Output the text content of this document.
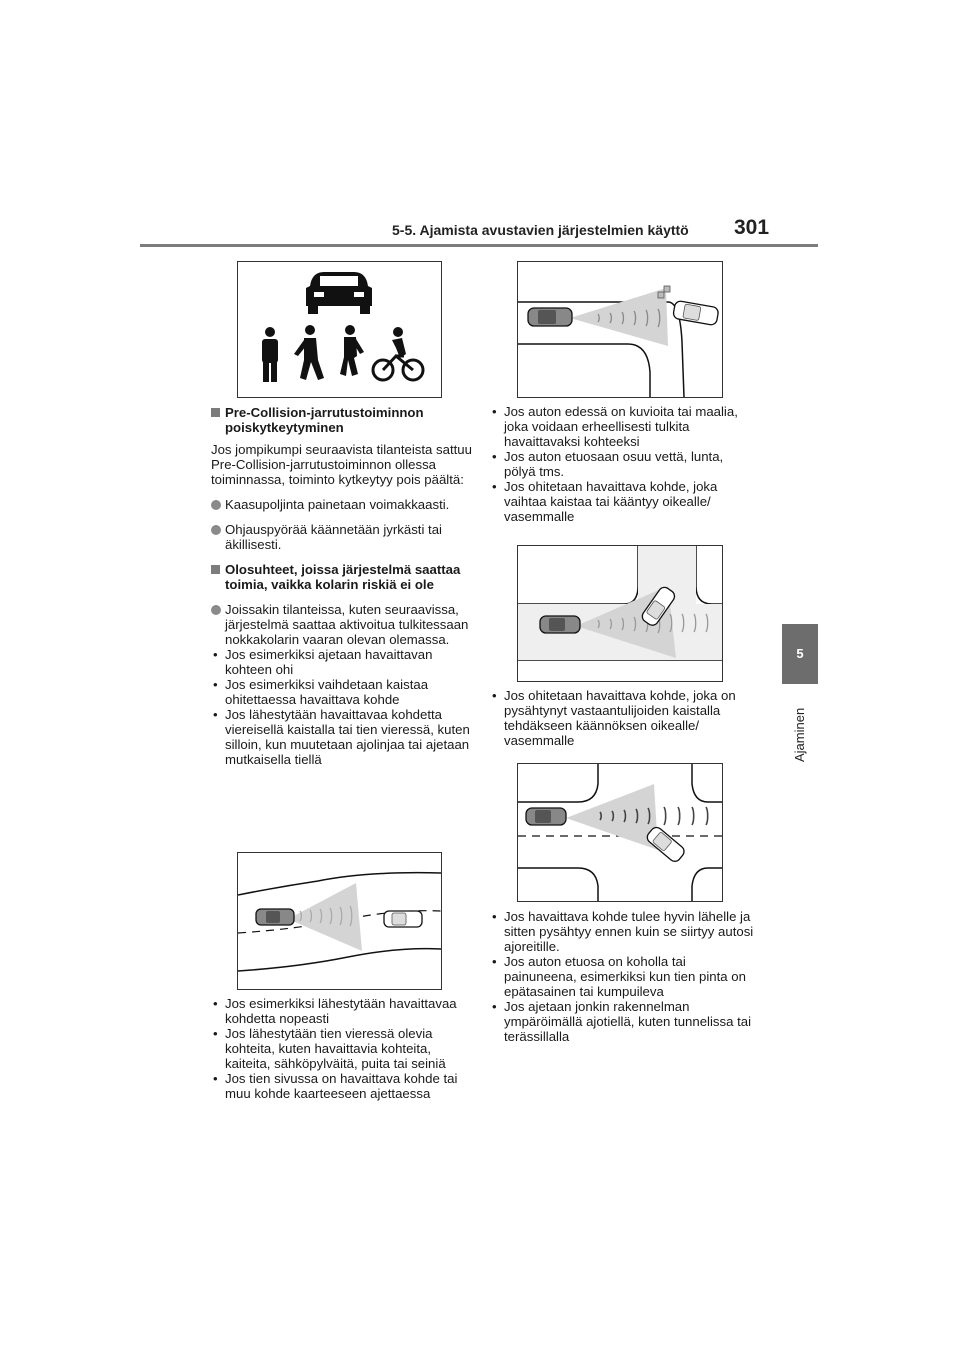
5-5. Ajamista avustavien järjestelmien käyttö 301
5
Ajaminen

Pre-Collision-jarrutustoiminnon poiskytkeytyminen

Jos jompikumpi seuraavista tilanteista sattuu Pre-Collision-jarrutustoiminnon ollessa toiminnassa, toiminto kytkeytyy pois päältä:

Kaasupoljinta painetaan voimakkaasti.

Ohjauspyörää käännetään jyrkästi tai äkillisesti.

Olosuhteet, joissa järjestelmä saattaa toimia, vaikka kolarin riskiä ei ole

Joissakin tilanteissa, kuten seuraavissa, järjestelmä saattaa aktivoitua tulkitessaan nokkakolarin vaaran olevan olemassa.

• Jos esimerkiksi ajetaan havaittavan kohteen ohi

• Jos esimerkiksi vaihdetaan kaistaa ohitettaessa havaittava kohde

• Jos lähestytään havaittavaa kohdetta viereisellä kaistalla tai tien vieressä, kuten silloin, kun muutetaan ajolinjaa tai ajetaan mutkaisella tiellä

• Jos esimerkiksi lähestytään havaittavaa kohdetta nopeasti

• Jos lähestytään tien vieressä olevia kohteita, kuten havaittavia kohteita, kaiteita, sähköpylväitä, puita tai seiniä

• Jos tien sivussa on havaittava kohde tai muu kohde kaarteeseen ajettaessa

• Jos auton edessä on kuvioita tai maalia, joka voidaan erheellisesti tulkita havaittavaksi kohteeksi

• Jos auton etuosaan osuu vettä, lunta, pölyä tms.

• Jos ohitetaan havaittava kohde, joka vaihtaa kaistaa tai kääntyy oikealle/ vasemmalle

• Jos ohitetaan havaittava kohde, joka on pysähtynyt vastaantulijoiden kaistalla tehdäkseen käännöksen oikealle/ vasemmalle

• Jos havaittava kohde tulee hyvin lähelle ja sitten pysähtyy ennen kuin se siirtyy autosi ajoreitille.

• Jos auton etuosa on koholla tai painuneena, esimerkiksi kun tien pinta on epätasainen tai kumpuileva

• Jos ajetaan jonkin rakennelman ympäröimällä ajotiellä, kuten tunnelissa tai terässillalla
